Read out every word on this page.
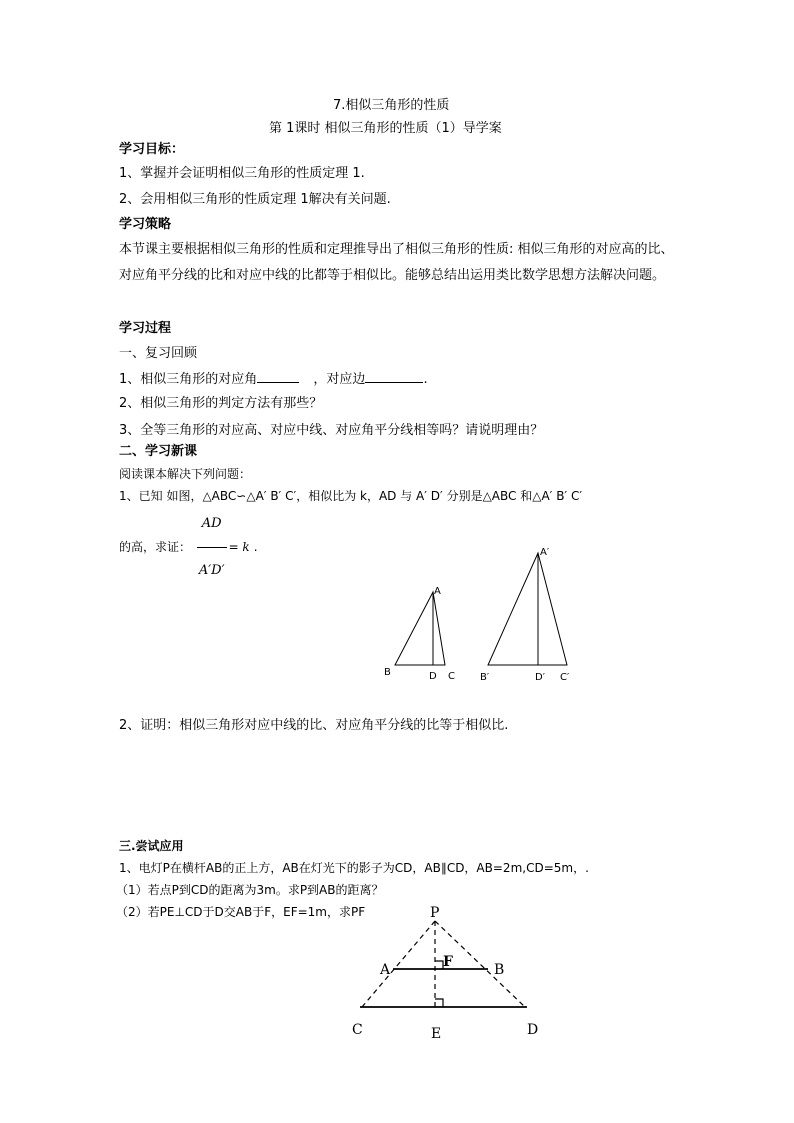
7.相似三角形的性质
第 1课时 相似三角形的性质（1）导学案
学习目标：
1、掌握并会证明相似三角形的性质定理 1.
2、会用相似三角形的性质定理 1解决有关问题.
学习策略
本节课主要根据相似三角形的性质和定理推导出了相似三角形的性质: 相似三角形的对应高的比、对应角平分线的比和对应中线的比都等于相似比。能够总结出运用类比数学思想方法解决问题。
学习过程
一、复习回顾
1、相似三角形的对应角	，对应边	.
2、相似三角形的判定方法有那些？
3、全等三角形的对应高、对应中线、对应角平分线相等吗？请说明理由？
二、学习新课
阅读课本解决下列问题：
1、已知 如图，△ABC∽△A′ B′ C′，相似比为 k，AD 与 A′ D′ 分别是△ABC 和△A′ B′ C′
的高，求证： $\frac{AD}{A'D'} = k$ .
A
B	C
D
A′
B′	C′
D′
2、证明：相似三角形对应中线的比、对应角平分线的比等于相似比.
三.尝试应用
1、电灯P在横杆AB的正上方，AB在灯光下的影子为CD，AB∥CD，AB=2m,CD=5m，.
（1）若点P到CD的距离为3m。求P到AB的距离？
（2）若PE⊥CD于D交AB于F，EF=1m，求PF	P
A	B
F
C	D
E
